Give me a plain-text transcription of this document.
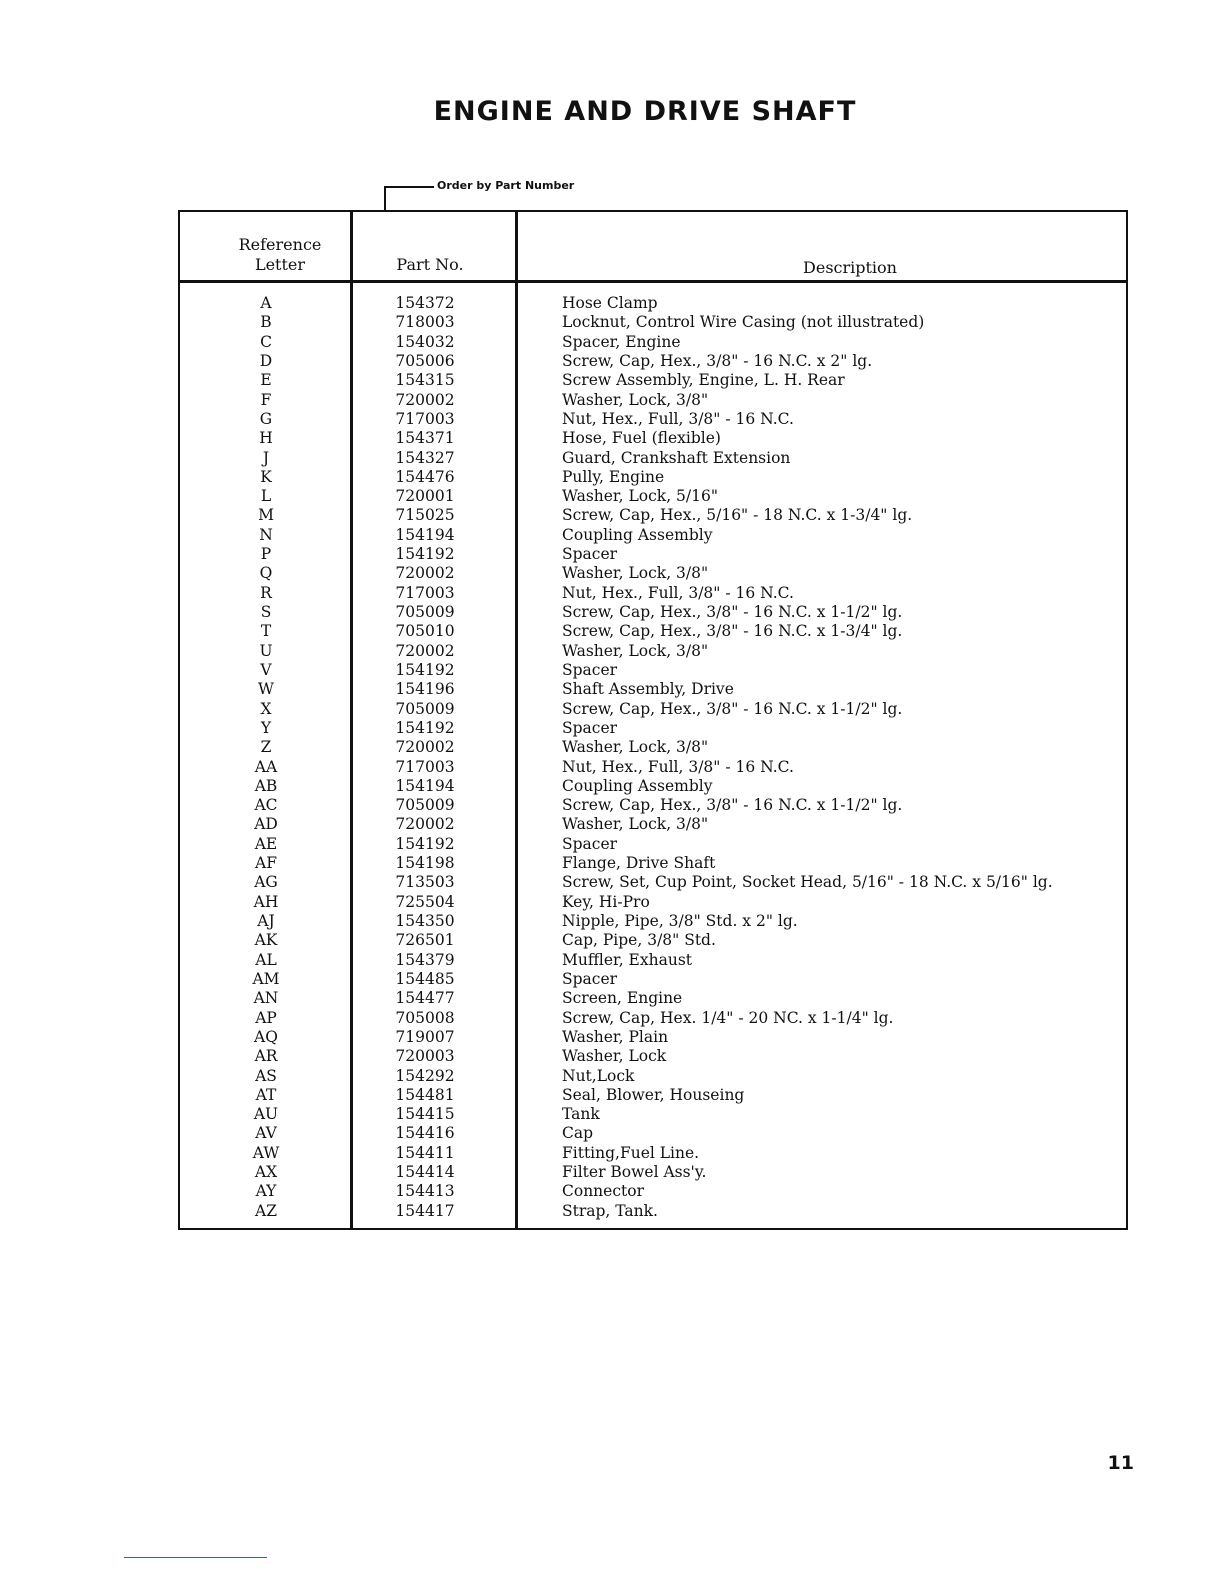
ENGINE AND DRIVE SHAFT
Order by Part Number
Reference Letter	Part No.	Description
A	154372	Hose Clamp
B	718003	Locknut, Control Wire Casing (not illustrated)
C	154032	Spacer, Engine
D	705006	Screw, Cap, Hex., 3/8" - 16 N.C. x 2" lg.
E	154315	Screw Assembly, Engine, L. H. Rear
F	720002	Washer, Lock, 3/8"
G	717003	Nut, Hex., Full, 3/8" - 16 N.C.
H	154371	Hose, Fuel (flexible)
J	154327	Guard, Crankshaft Extension
K	154476	Pully, Engine
L	720001	Washer, Lock, 5/16"
M	715025	Screw, Cap, Hex., 5/16" - 18 N.C. x 1-3/4" lg.
N	154194	Coupling Assembly
P	154192	Spacer
Q	720002	Washer, Lock, 3/8"
R	717003	Nut, Hex., Full, 3/8" - 16 N.C.
S	705009	Screw, Cap, Hex., 3/8" - 16 N.C. x 1-1/2" lg.
T	705010	Screw, Cap, Hex., 3/8" - 16 N.C. x 1-3/4" lg.
U	720002	Washer, Lock, 3/8"
V	154192	Spacer
W	154196	Shaft Assembly, Drive
X	705009	Screw, Cap, Hex., 3/8" - 16 N.C. x 1-1/2" lg.
Y	154192	Spacer
Z	720002	Washer, Lock, 3/8"
AA	717003	Nut, Hex., Full, 3/8" - 16 N.C.
AB	154194	Coupling Assembly
AC	705009	Screw, Cap, Hex., 3/8" - 16 N.C. x 1-1/2" lg.
AD	720002	Washer, Lock, 3/8"
AE	154192	Spacer
AF	154198	Flange, Drive Shaft
AG	713503	Screw, Set, Cup Point, Socket Head, 5/16" - 18 N.C. x 5/16" lg.
AH	725504	Key, Hi-Pro
AJ	154350	Nipple, Pipe, 3/8" Std. x 2" lg.
AK	726501	Cap, Pipe, 3/8" Std.
AL	154379	Muffler, Exhaust
AM	154485	Spacer
AN	154477	Screen, Engine
AP	705008	Screw, Cap, Hex. 1/4" - 20 NC. x 1-1/4" lg.
AQ	719007	Washer, Plain
AR	720003	Washer, Lock
AS	154292	Nut,Lock
AT	154481	Seal, Blower, Houseing
AU	154415	Tank
AV	154416	Cap
AW	154411	Fitting,Fuel Line.
AX	154414	Filter Bowel Ass'y.
AY	154413	Connector
AZ	154417	Strap, Tank.
11
